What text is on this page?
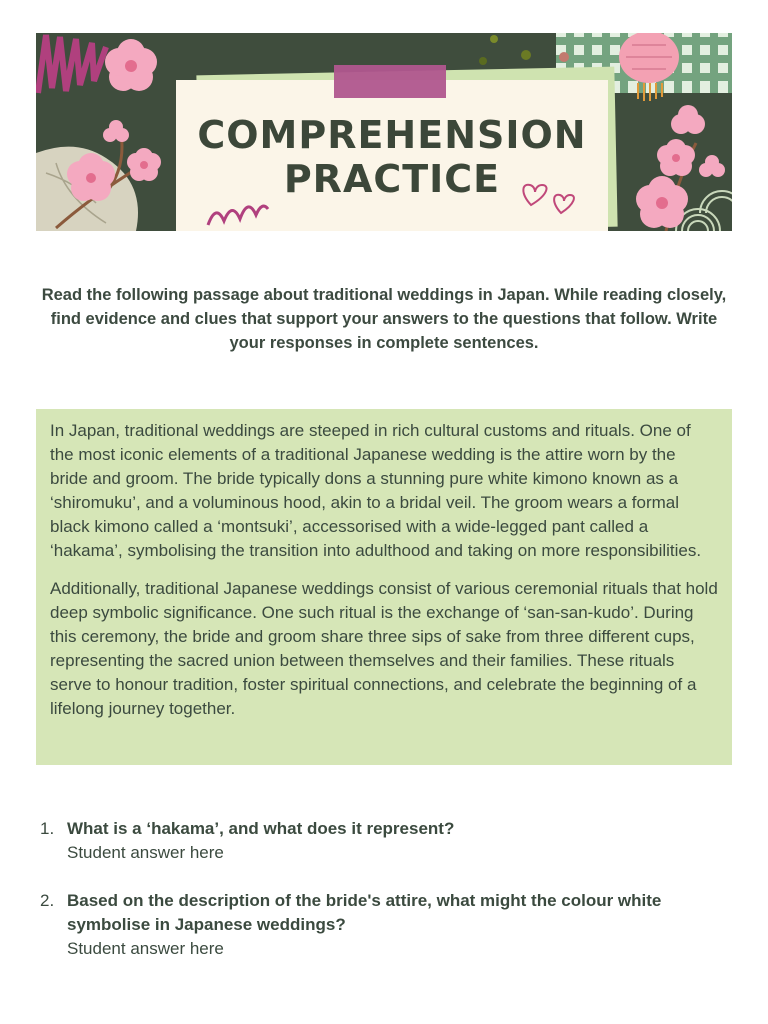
COMPREHENSION
PRACTICE

Read the following passage about traditional weddings in Japan. While reading closely, find evidence and clues that support your answers to the questions that follow. Write your responses in complete sentences.

In Japan, traditional weddings are steeped in rich cultural customs and rituals. One of the most iconic elements of a traditional Japanese wedding is the attire worn by the bride and groom. The bride typically dons a stunning pure white kimono known as a ‘shiromuku’, and a voluminous hood, akin to a bridal veil. The groom wears a formal black kimono called a ‘montsuki’, accessorised with a wide-legged pant called a ‘hakama’, symbolising the transition into adulthood and taking on more responsibilities.

Additionally, traditional Japanese weddings consist of various ceremonial rituals that hold deep symbolic significance. One such ritual is the exchange of ‘san-san-kudo’. During this ceremony, the bride and groom share three sips of sake from three different cups, representing the sacred union between themselves and their families. These rituals serve to honour tradition, foster spiritual connections, and celebrate the beginning of a lifelong journey together.

1. What is a ‘hakama’, and what does it represent?
Student answer here
2. Based on the description of the bride's attire, what might the colour white symbolise in Japanese weddings?
Student answer here
